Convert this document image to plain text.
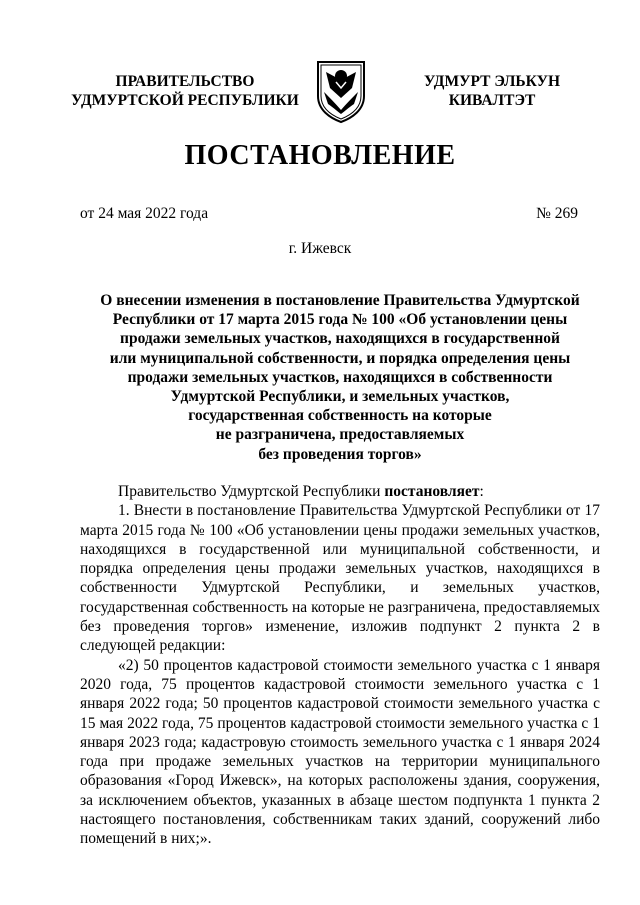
ПРАВИТЕЛЬСТВО
УДМУРТСКОЙ РЕСПУБЛИКИ
УДМУРТ ЭЛЬКУН
КИВАЛТЭТ
ПОСТАНОВЛЕНИЕ
от 24 мая 2022 года	№ 269
г. Ижевск
О внесении изменения в постановление Правительства Удмуртской
Республики от 17 марта 2015 года № 100 «Об установлении цены
продажи земельных участков, находящихся в государственной
или муниципальной собственности, и порядка определения цены
продажи земельных участков, находящихся в собственности
Удмуртской Республики, и земельных участков,
государственная собственность на которые
не разграничена, предоставляемых
без проведения торгов»

Правительство Удмуртской Республики постановляет:

1. Внести в постановление Правительства Удмуртской Республики от 17 марта 2015 года № 100 «Об установлении цены продажи земельных участков, находящихся в государственной или муниципальной собственности, и порядка определения цены продажи земельных участков, находящихся в собственности Удмуртской Республики, и земельных участков, государственная собственность на которые не разграничена, предоставляемых без проведения торгов» изменение, изложив подпункт 2 пункта 2 в следующей редакции:

«2) 50 процентов кадастровой стоимости земельного участка с 1 января 2020 года, 75 процентов кадастровой стоимости земельного участка с 1 января 2022 года; 50 процентов кадастровой стоимости земельного участка с 15 мая 2022 года, 75 процентов кадастровой стоимости земельного участка с 1 января 2023 года; кадастровую стоимость земельного участка с 1 января 2024 года при продаже земельных участков на территории муниципального образования «Город Ижевск», на которых расположены здания, сооружения, за исключением объектов, указанных в абзаце шестом подпункта 1 пункта 2 настоящего постановления, собственникам таких зданий, сооружений либо помещений в них;».
